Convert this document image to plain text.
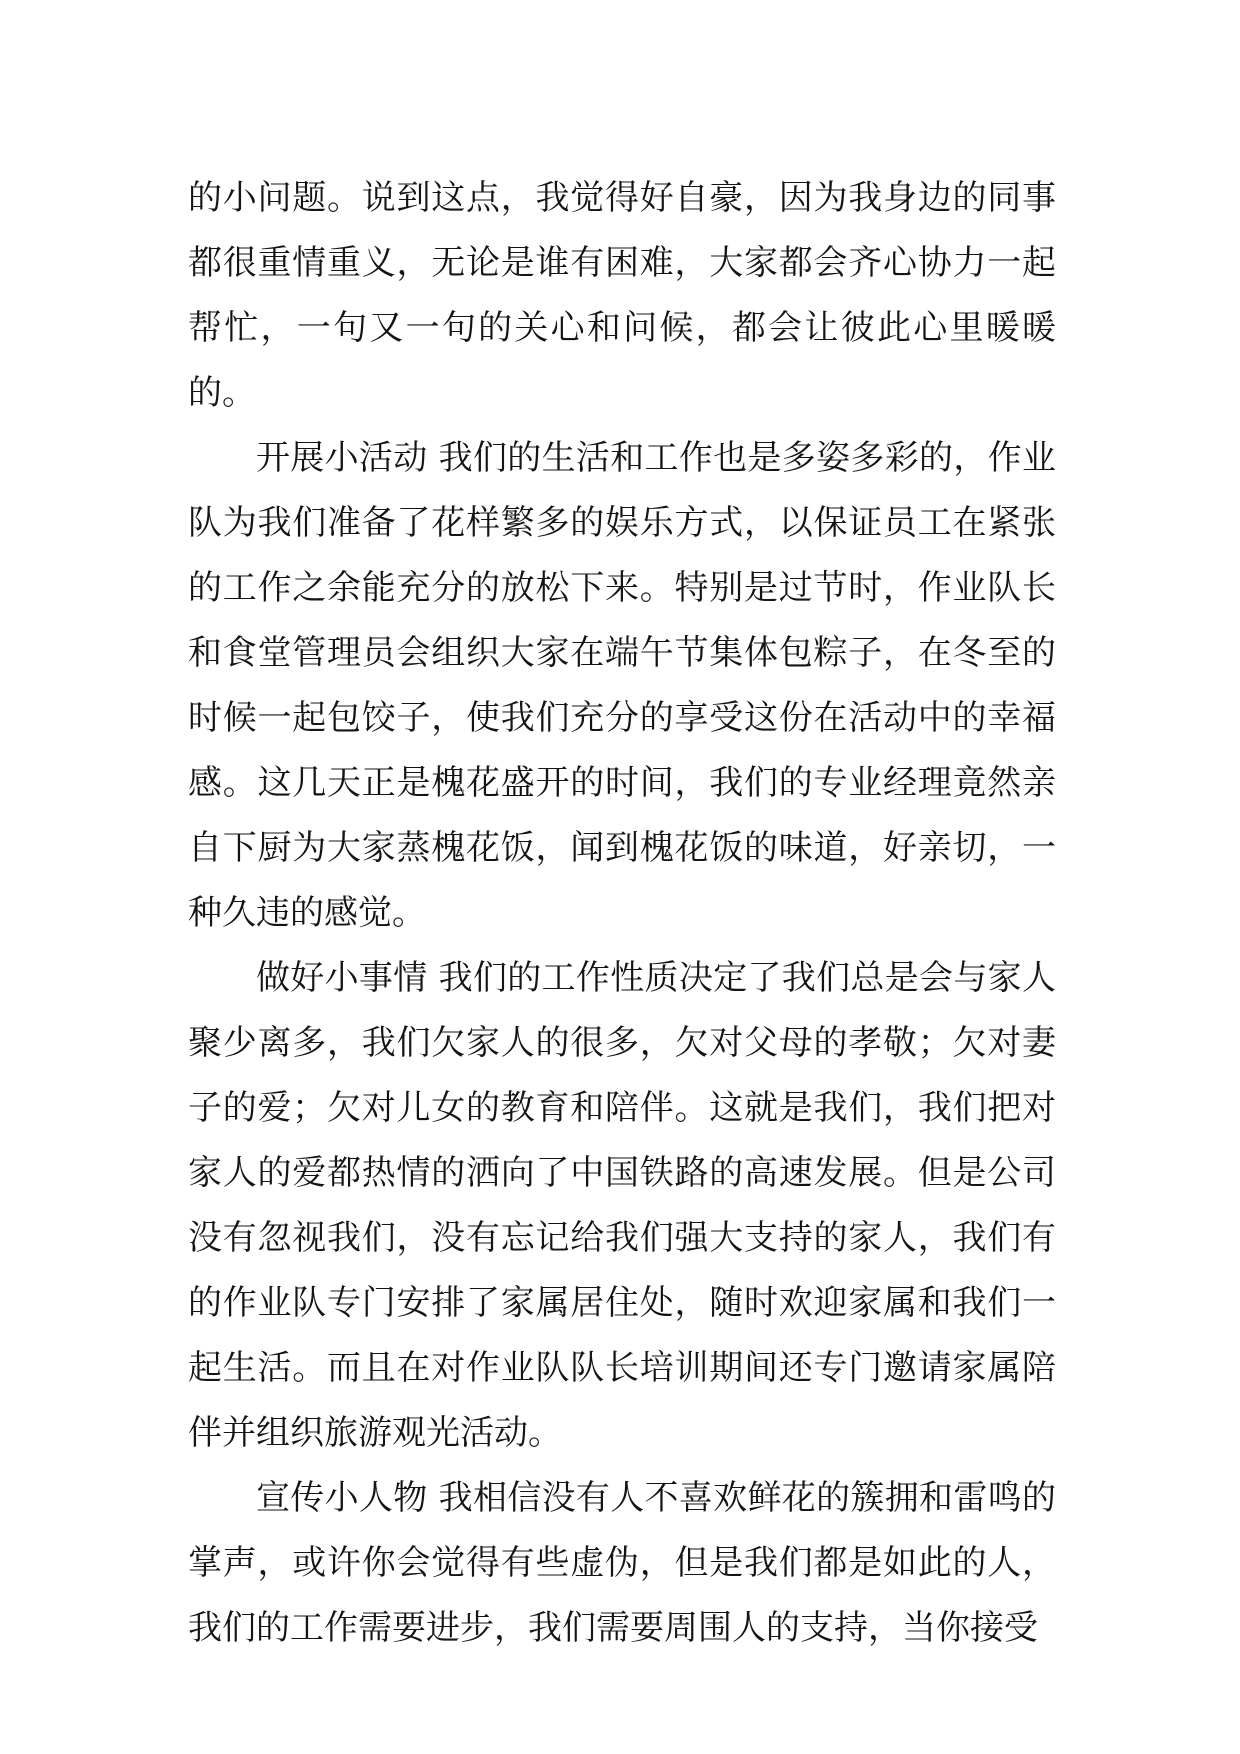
的小问题。说到这点，我觉得好自豪，因为我身边的同事都很重情重义，无论是谁有困难，大家都会齐心协力一起帮忙，一句又一句的关心和问候，都会让彼此心里暖暖的。

开展小活动 我们的生活和工作也是多姿多彩的，作业队为我们准备了花样繁多的娱乐方式，以保证员工在紧张的工作之余能充分的放松下来。特别是过节时，作业队长和食堂管理员会组织大家在端午节集体包粽子，在冬至的时候一起包饺子，使我们充分的享受这份在活动中的幸福感。这几天正是槐花盛开的时间，我们的专业经理竟然亲自下厨为大家蒸槐花饭，闻到槐花饭的味道，好亲切，一种久违的感觉。

做好小事情 我们的工作性质决定了我们总是会与家人聚少离多，我们欠家人的很多，欠对父母的孝敬；欠对妻子的爱；欠对儿女的教育和陪伴。这就是我们，我们把对家人的爱都热情的洒向了中国铁路的高速发展。但是公司没有忽视我们，没有忘记给我们强大支持的家人，我们有的作业队专门安排了家属居住处，随时欢迎家属和我们一起生活。而且在对作业队队长培训期间还专门邀请家属陪伴并组织旅游观光活动。

宣传小人物 我相信没有人不喜欢鲜花的簇拥和雷鸣的掌声，或许你会觉得有些虚伪，但是我们都是如此的人，我们的工作需要进步，我们需要周围人的支持，当你接受
